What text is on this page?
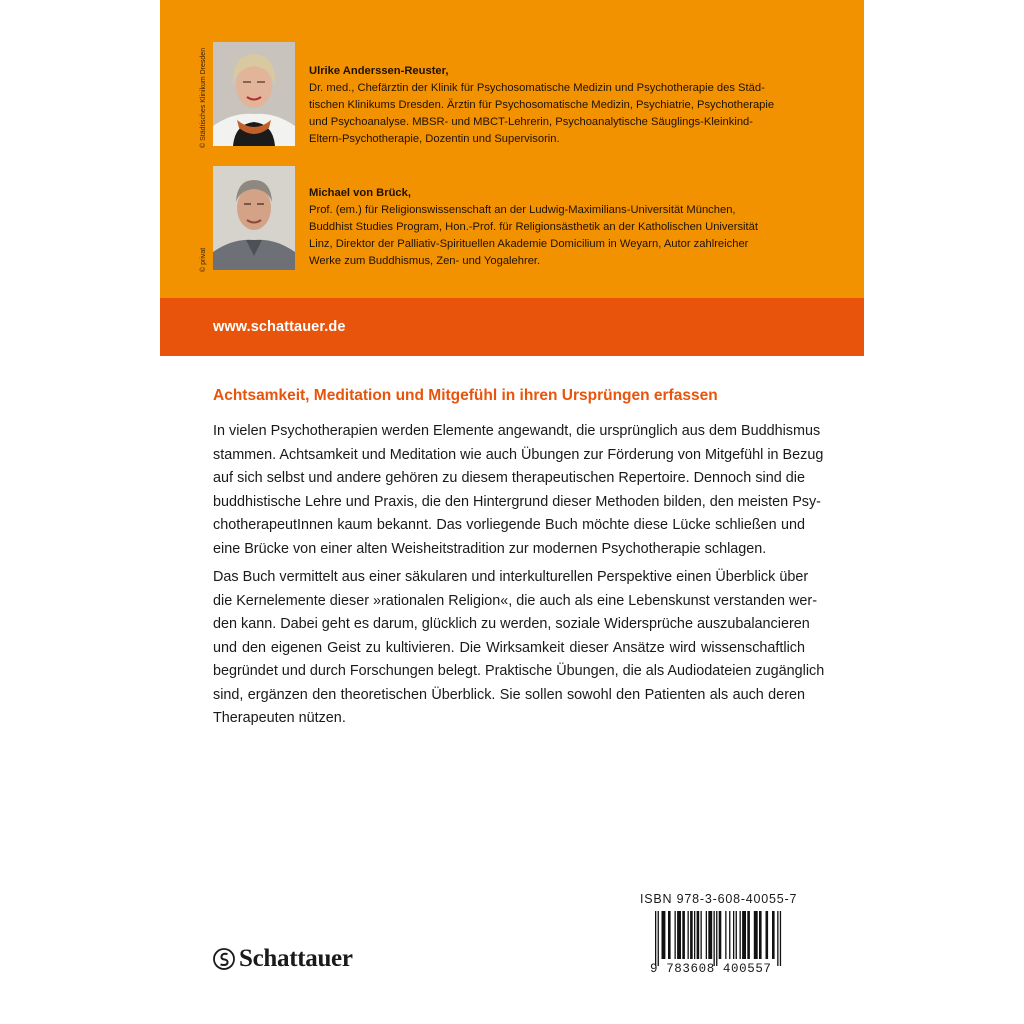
© Städtisches Klinikum Dresden	Ulrike Anderssen-Reuster,
Dr. med., Chefärztin der Klinik für Psychosomatische Medizin und Psychotherapie des Städ-
tischen Klinikums Dresden. Ärztin für Psychosomatische Medizin, Psychiatrie, Psychotherapie
und Psychoanalyse. MBSR- und MBCT-Lehrerin, Psychoanalytische Säuglings-Kleinkind-
Eltern-Psychotherapie, Dozentin und Supervisorin.
© privat
Michael von Brück,
Prof. (em.) für Religionswissenschaft an der Ludwig-Maximilians-Universität München,
Buddhist Studies Program, Hon.-Prof. für Religionsästhetik an der Katholischen Universität
Linz, Direktor der Palliativ-Spirituellen Akademie Domicilium in Weyarn, Autor zahlreicher
Werke zum Buddhismus, Zen- und Yogalehrer.
www.schattauer.de
Achtsamkeit, Meditation und Mitgefühl in ihren Ursprüngen erfassen
In vielen Psychotherapien werden Elemente angewandt, die ursprünglich aus dem Buddhismus
stammen. Achtsamkeit und Meditation wie auch Übungen zur Förderung von Mitgefühl in Bezug
auf sich selbst und andere gehören zu diesem therapeutischen Repertoire. Dennoch sind die
buddhistische Lehre und Praxis, die den Hintergrund dieser Methoden bilden, den meisten Psy-
chotherapeutInnen kaum bekannt. Das vorliegende Buch möchte diese Lücke schließen und
eine Brücke von einer alten Weisheitstradition zur modernen Psychotherapie schlagen.
Das Buch vermittelt aus einer säkularen und interkulturellen Perspektive einen Überblick über
die Kernelemente dieser »rationalen Religion«, die auch als eine Lebenskunst verstanden wer-
den kann. Dabei geht es darum, glücklich zu werden, soziale Widersprüche auszubalancieren
und den eigenen Geist zu kultivieren. Die Wirksamkeit dieser Ansätze wird wissenschaftlich
begründet und durch Forschungen belegt. Praktische Übungen, die als Audiodateien zugänglich
sind, ergänzen den theoretischen Überblick. Sie sollen sowohl den Patienten als auch deren
Therapeuten nützen.
Schattauer
ISBN 978-3-608-40055-7
9 783608 400557
